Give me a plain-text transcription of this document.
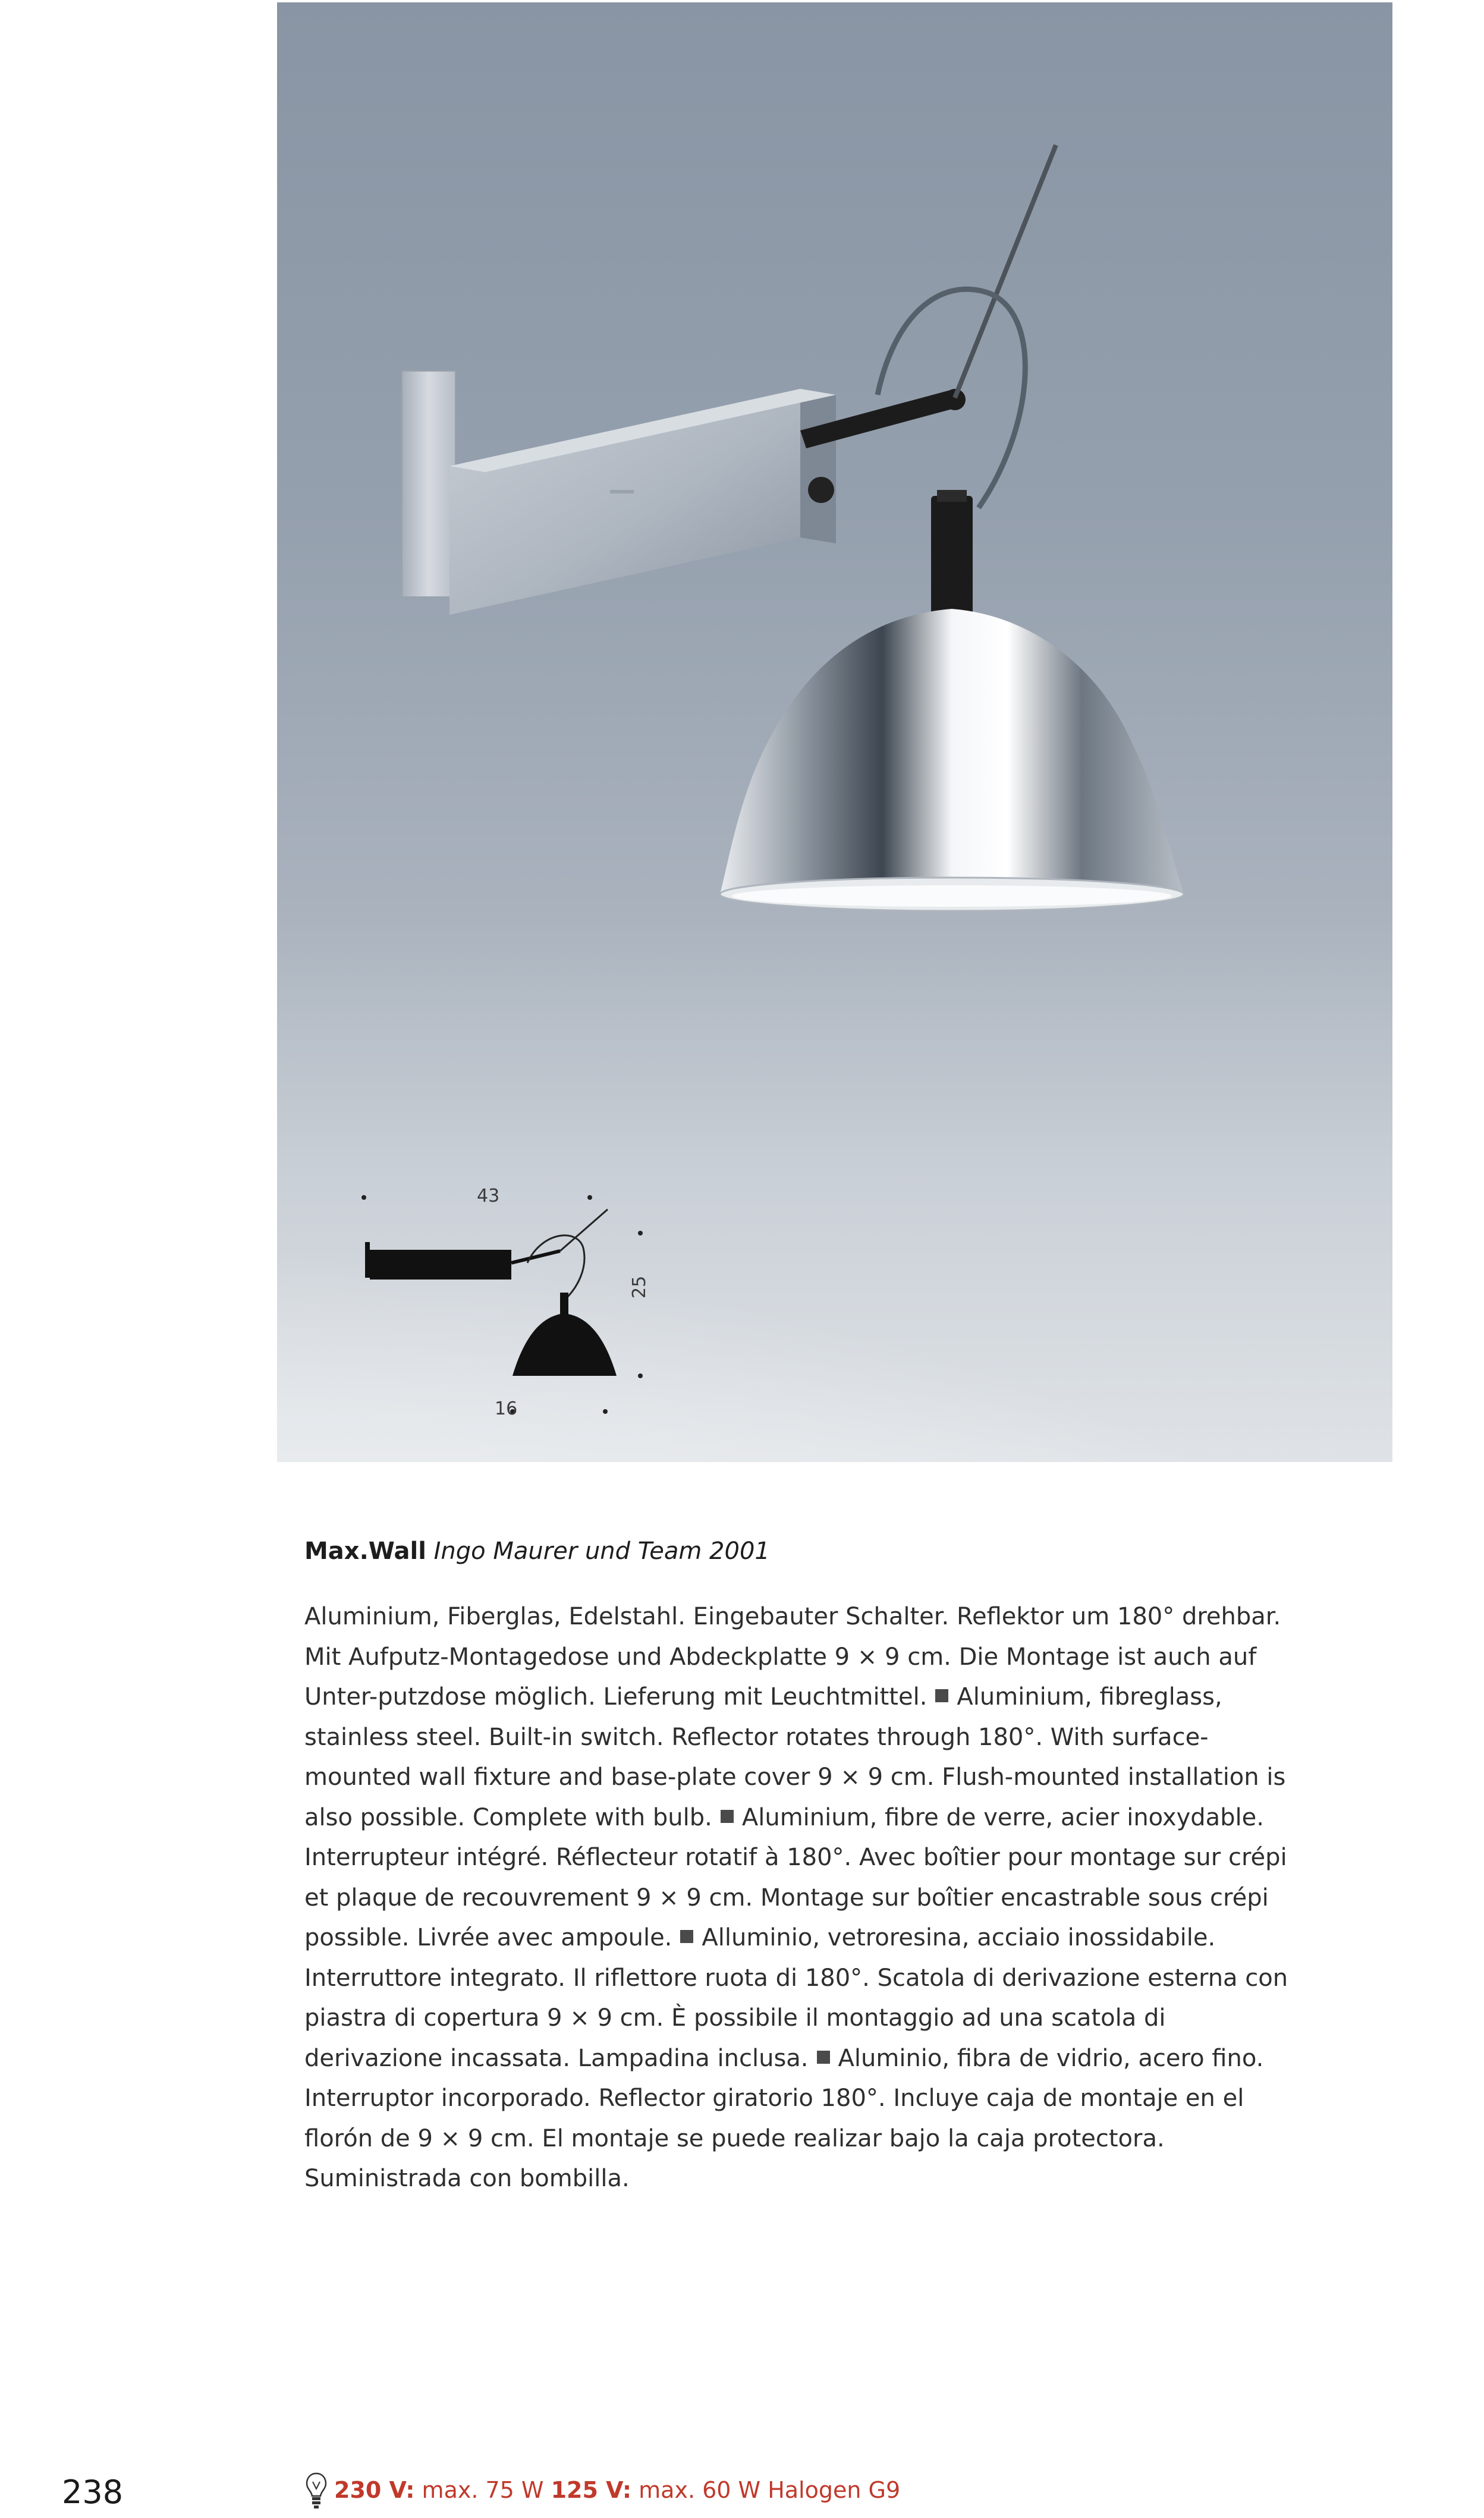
43
25
16
Max.Wall Ingo Maurer und Team 2001
Aluminium, Fiberglas, Edelstahl. Eingebauter Schalter. Reflektor um 180° drehbar. Mit Aufputz-Montagedose und Abdeckplatte 9 × 9 cm. Die Montage ist auch auf Unter-putzdose möglich. Lieferung mit Leuchtmittel. Aluminium, fibreglass, stainless steel. Built-in switch. Reflector rotates through 180°. With surface-mounted wall fixture and base-plate cover 9 × 9 cm. Flush-mounted installation is also possible. Complete with bulb. Aluminium, fibre de verre, acier inoxydable. Interrupteur intégré. Réflecteur rotatif à 180°. Avec boîtier pour montage sur crépi et plaque de recouvrement 9 × 9 cm. Montage sur boîtier encastrable sous crépi possible. Livrée avec ampoule. Alluminio, vetroresina, acciaio inossidabile. Interruttore integrato. Il riflettore ruota di 180°. Scatola di derivazione esterna con piastra di copertura 9 × 9 cm. È possibile il montaggio ad una scatola di derivazione incassata. Lampadina inclusa. Aluminio, fibra de vidrio, acero fino. Interruptor incorporado. Reflector giratorio 180°. Incluye caja de montaje en el florón de 9 × 9 cm. El montaje se puede realizar bajo la caja protectora. Suministrada con bombilla.
238	230 V: max. 75 W 125 V: max. 60 W Halogen G9
